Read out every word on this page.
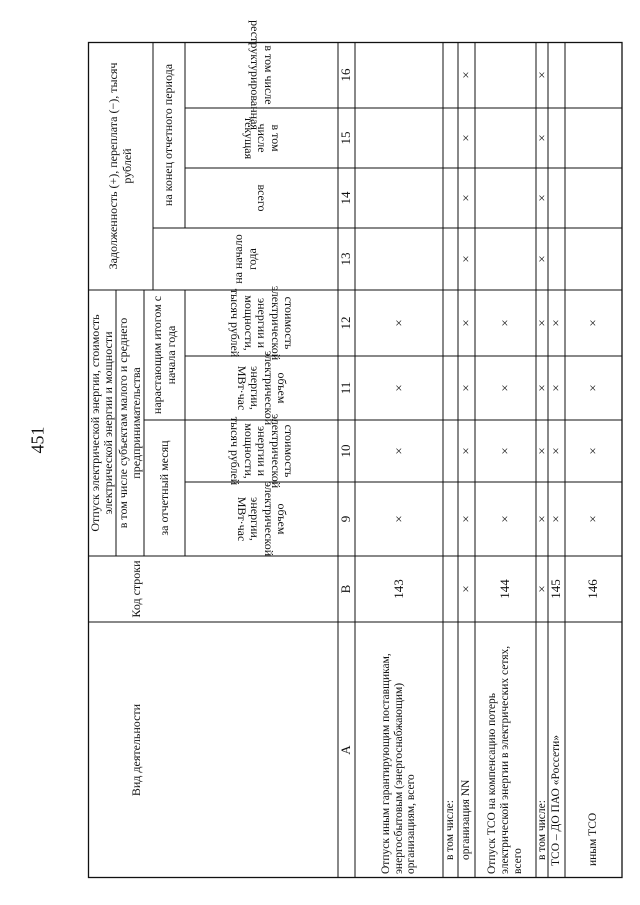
451
Вид деятельности
Код строки
Отпуск электрической энергии, стоимость электрической энергии и мощности в том числе субъектам малого и среднего предпринимательства
за отчетный месяц
нарастающим итогом с начала года
Задолженность (+), переплата (−), тысяч рублей
на начало года
на конец отчетного периода
объем электрической энергии, МВт·час
стоимость электрической энергии и мощности, тысяч рублей
объем электрической энергии, МВт·час
стоимость электрической энергии и мощности, тысяч рублей
всего
в том числе текущая
в том числе реструктурированная
А
В
9
10
11
12
13
14
15
16
Отпуск иным гарантирующим поставщикам, энергосбытовым (энергоснабжающим) организациям, всего
143
×
×
×
×
в том числе: организация NN
×
×
×
×
×
×
×
×
×
Отпуск ТСО на компенсацию потерь электрической энергии в электрических сетях, всего
144
×
×
×
×
в том числе:
×
×
×
×
×
×
×
×
×
ТСО – ДО ПАО «Россети»
145
×
×
×
×
иным ТСО
146
×
×
×
×
